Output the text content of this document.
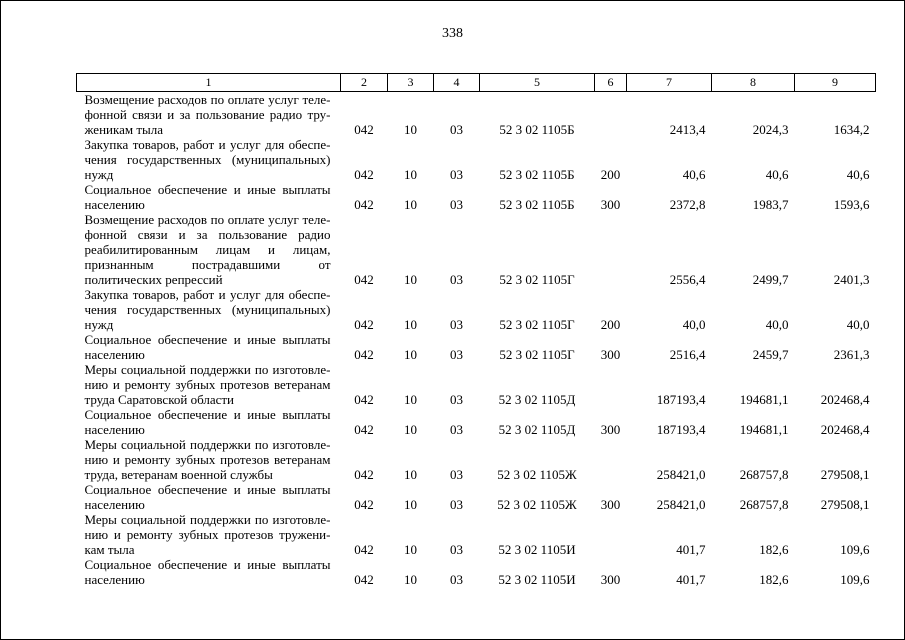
338
1	2	3	4	5	6	7	8	9
Возмещение расходов по оплате услуг телефонной связи и за пользование радио труженикам тыла	042	10	03	52 3 02 1105Б		2413,4	2024,3	1634,2
Закупка товаров, работ и услуг для обеспечения государственных (муниципальных) нужд	042	10	03	52 3 02 1105Б	200	40,6	40,6	40,6
Социальное обеспечение и иные выплаты населению	042	10	03	52 3 02 1105Б	300	2372,8	1983,7	1593,6
Возмещение расходов по оплате услуг телефонной связи и за пользование радио реабилитированным лицам и лицам, признанным пострадавшими от политических репрессий	042	10	03	52 3 02 1105Г		2556,4	2499,7	2401,3
Закупка товаров, работ и услуг для обеспечения государственных (муниципальных) нужд	042	10	03	52 3 02 1105Г	200	40,0	40,0	40,0
Социальное обеспечение и иные выплаты населению	042	10	03	52 3 02 1105Г	300	2516,4	2459,7	2361,3
Меры социальной поддержки по изготовлению и ремонту зубных протезов ветеранам труда Саратовской области	042	10	03	52 3 02 1105Д		187193,4	194681,1	202468,4
Социальное обеспечение и иные выплаты населению	042	10	03	52 3 02 1105Д	300	187193,4	194681,1	202468,4
Меры социальной поддержки по изготовлению и ремонту зубных протезов ветеранам труда, ветеранам военной службы	042	10	03	52 3 02 1105Ж		258421,0	268757,8	279508,1
Социальное обеспечение и иные выплаты населению	042	10	03	52 3 02 1105Ж	300	258421,0	268757,8	279508,1
Меры социальной поддержки по изготовлению и ремонту зубных протезов труженикам тыла	042	10	03	52 3 02 1105И		401,7	182,6	109,6
Социальное обеспечение и иные выплаты населению	042	10	03	52 3 02 1105И	300	401,7	182,6	109,6
